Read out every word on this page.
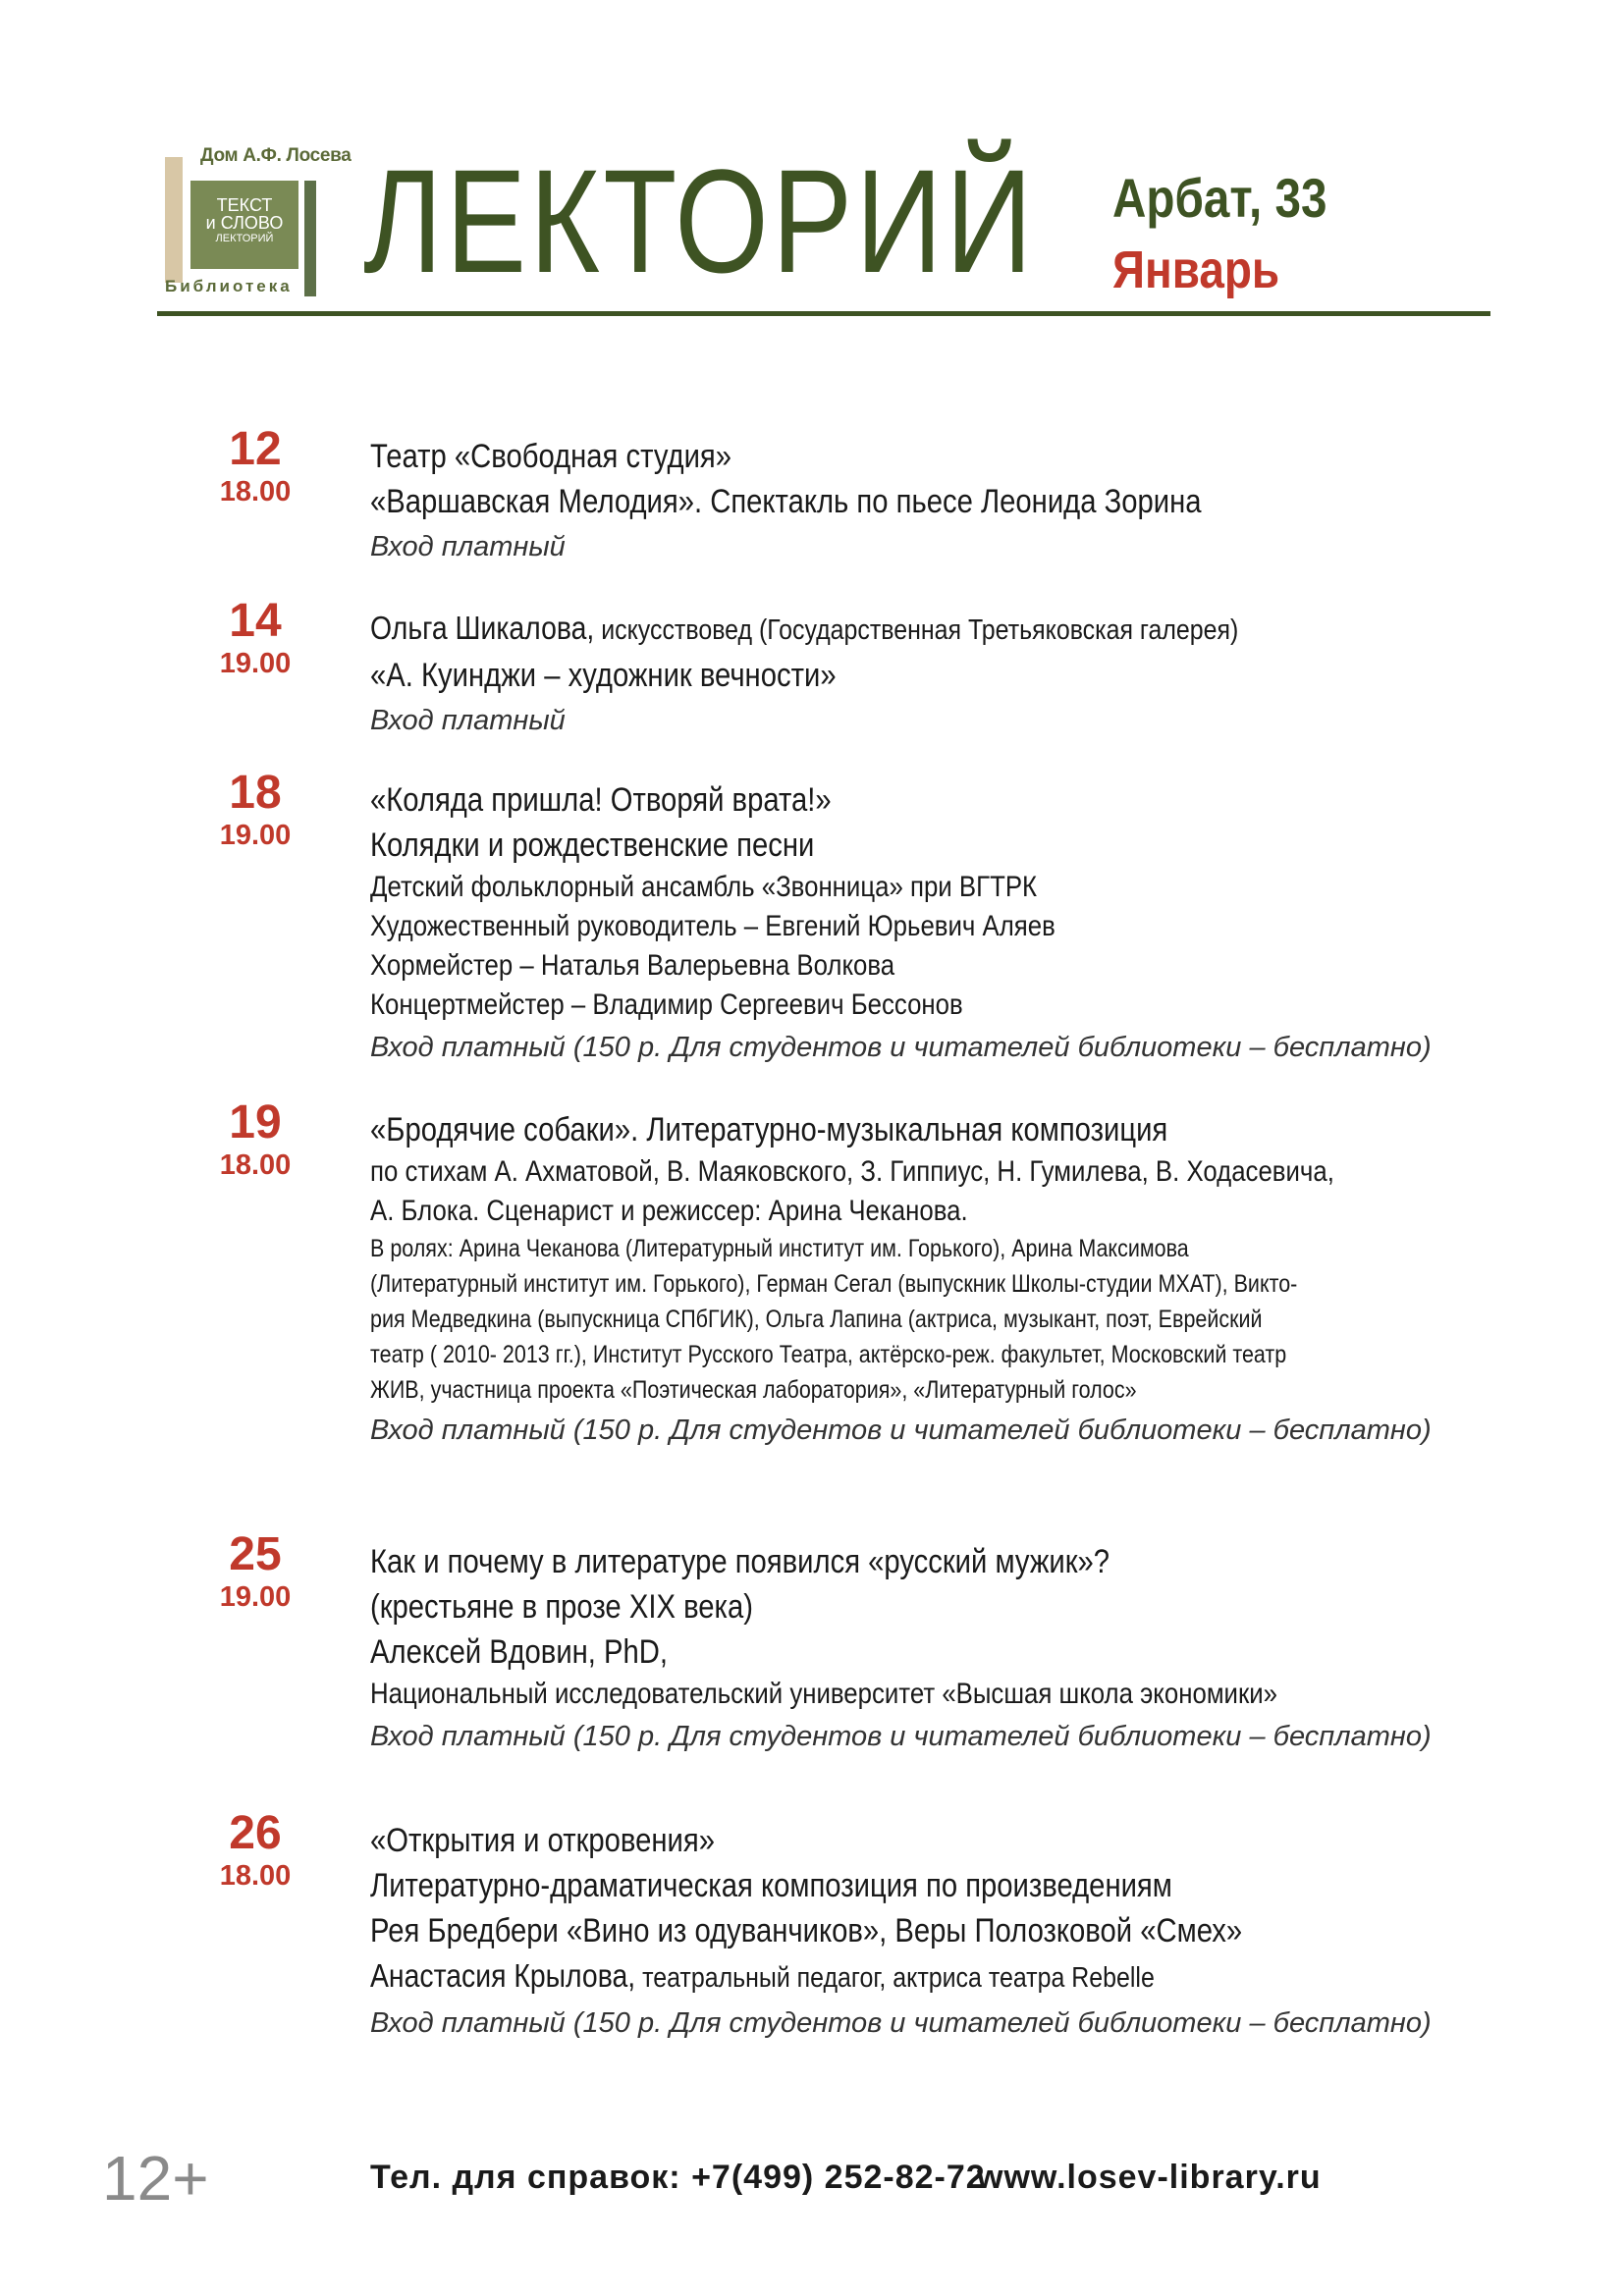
Дом А.Ф. Лосева
ТЕКСТ
и СЛОВО
ЛЕКТОРИЙ
Библиотека ЛЕКТОРИЙ Арбат, 33
Январь
12
18.00
Театр «Свободная студия»
«Варшавская Мелодия». Спектакль по пьесе Леонида Зорина
Вход платный
14
19.00
Ольга Шикалова, искусствовед (Государственная Третьяковская галерея)
«А. Куинджи – художник вечности»
Вход платный
18
19.00
«Коляда пришла! Отворяй врата!»
Колядки и рождественские песни
Детский фольклорный ансамбль «Звонница» при ВГТРК
Художественный руководитель – Евгений Юрьевич Аляев
Хормейстер – Наталья Валерьевна Волкова
Концертмейстер – Владимир Сергеевич Бессонов
Вход платный (150 р. Для студентов и читателей библиотеки – бесплатно)
19
18.00
«Бродячие собаки». Литературно-музыкальная композиция
по стихам А. Ахматовой, В. Маяковского, З. Гиппиус, Н. Гумилева, В. Ходасевича,
А. Блока. Сценарист и режиссер: Арина Чеканова.
В ролях: Арина Чеканова (Литературный институт им. Горького), Арина Максимова
(Литературный институт им. Горького), Герман Сегал (выпускник Школы-студии МХАТ), Викто-
рия Медведкина (выпускница СПбГИК), Ольга Лапина (актриса, музыкант, поэт, Еврейский
театр ( 2010- 2013 гг.), Институт Русского Театра, актёрско-реж. факультет, Московский театр
ЖИВ, участница проекта «Поэтическая лаборатория», «Литературный голос»
Вход платный (150 р. Для студентов и читателей библиотеки – бесплатно)
25
19.00
Как и почему в литературе появился «русский мужик»?
(крестьяне в прозе XIX века)
Алексей Вдовин, PhD,
Национальный исследовательский университет «Высшая школа экономики»
Вход платный (150 р. Для студентов и читателей библиотеки – бесплатно)
26
18.00
«Открытия и откровения»
Литературно-драматическая композиция по произведениям
Рея Бредбери «Вино из одуванчиков», Веры Полозковой «Смех»
Анастасия Крылова, театральный педагог, актриса театра Rebelle
Вход платный (150 р. Для студентов и читателей библиотеки – бесплатно)
12+	Тел. для справок: +7(499) 252-82-72
www.losev-library.ru
